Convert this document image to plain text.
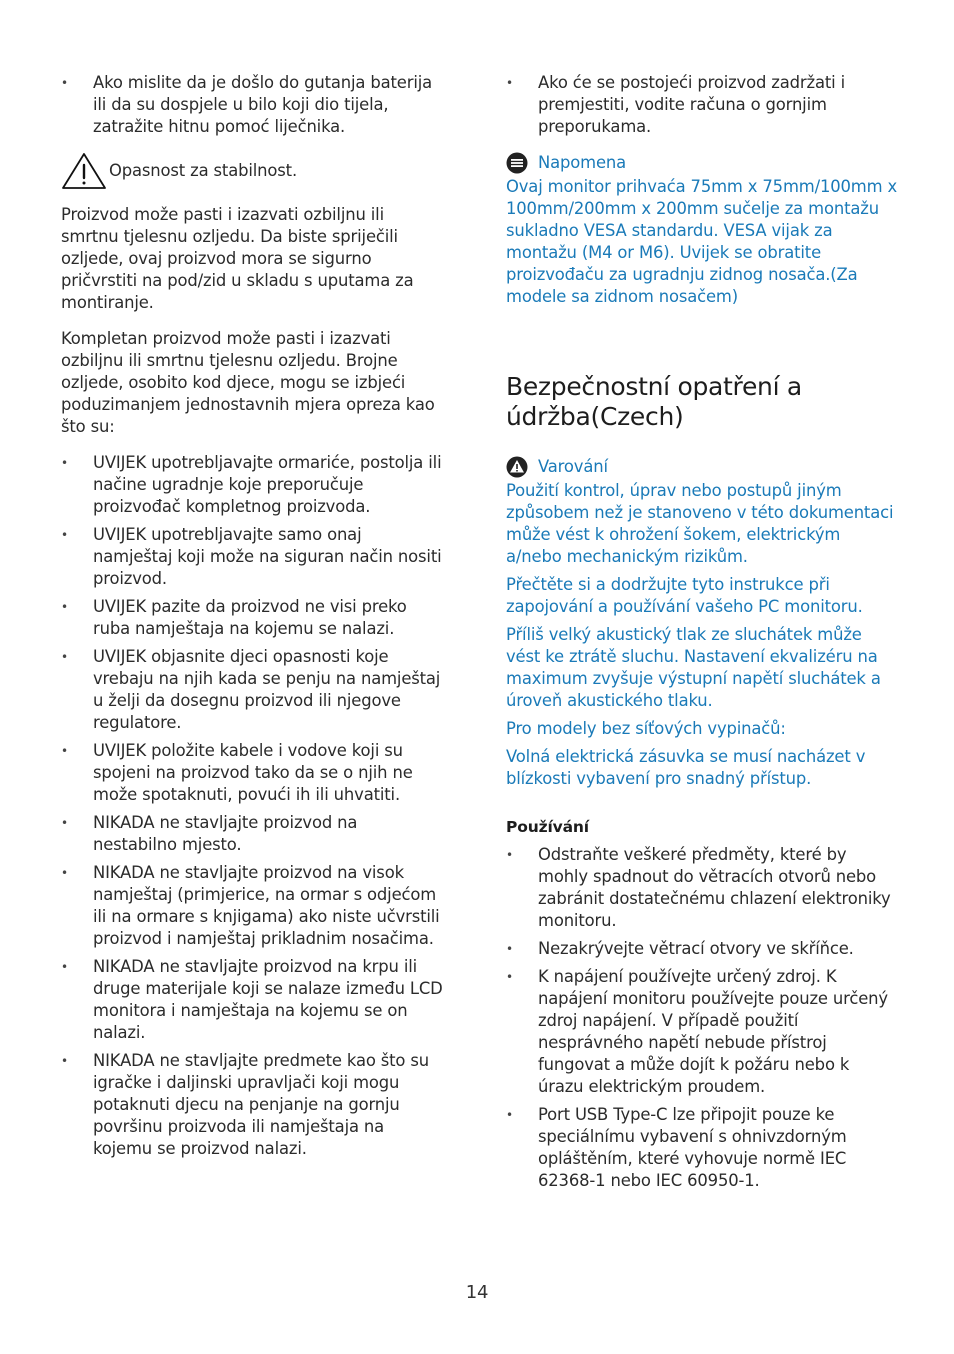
• Ako mislite da je došlo do gutanja baterija ili da su dospjele u bilo koji dio tijela, zatražite hitnu pomoć liječnika.
Opasnost za stabilnost.

Proizvod može pasti i izazvati ozbiljnu ili smrtnu tjelesnu ozljedu. Da biste spriječili ozljede, ovaj proizvod mora se sigurno pričvrstiti na pod/zid u skladu s uputama za montiranje.

Kompletan proizvod može pasti i izazvati ozbiljnu ili smrtnu tjelesnu ozljedu. Brojne ozljede, osobito kod djece, mogu se izbjeći poduzimanjem jednostavnih mjera opreza kao što su:

• UVIJEK upotrebljavajte ormariće, postolja ili načine ugradnje koje preporučuje proizvođač kompletnog proizvoda.
• UVIJEK upotrebljavajte samo onaj namještaj koji može na siguran način nositi proizvod.
• UVIJEK pazite da proizvod ne visi preko ruba namještaja na kojemu se nalazi.
• UVIJEK objasnite djeci opasnosti koje vrebaju na njih kada se penju na namještaj u želji da dosegnu proizvod ili njegove regulatore.
• UVIJEK položite kabele i vodove koji su spojeni na proizvod tako da se o njih ne može spotaknuti, povući ih ili uhvatiti.
• NIKADA ne stavljajte proizvod na nestabilno mjesto.
• NIKADA ne stavljajte proizvod na visok namještaj (primjerice, na ormar s odjećom ili na ormare s knjigama) ako niste učvrstili proizvod i namještaj prikladnim nosačima.
• NIKADA ne stavljajte proizvod na krpu ili druge materijale koji se nalaze između LCD monitora i namještaja na kojemu se on nalazi.
• NIKADA ne stavljajte predmete kao što su igračke i daljinski upravljači koji mogu potaknuti djecu na penjanje na gornju površinu proizvoda ili namještaja na kojemu se proizvod nalazi.
• Ako će se postojeći proizvod zadržati i premjestiti, vodite računa o gornjim preporukama.
Napomena

Ovaj monitor prihvaća 75mm x 75mm/100mm x 100mm/200mm x 200mm sučelje za montažu sukladno VESA standardu. VESA vijak za montažu (M4 or M6). Uvijek se obratite proizvođaču za ugradnju zidnog nosača.(Za modele sa zidnom nosačem)

Bezpečnostní opatření a údržba(Czech)
Varování

Použití kontrol, úprav nebo postupů jiným způsobem než je stanoveno v této dokumentaci může vést k ohrožení šokem, elektrickým a/nebo mechanickým rizikům.

Přečtěte si a dodržujte tyto instrukce při zapojování a používání vašeho PC monitoru.

Příliš velký akustický tlak ze sluchátek může vést ke ztrátě sluchu. Nastavení ekvalizéru na maximum zvyšuje výstupní napětí sluchátek a úroveň akustického tlaku.

Pro modely bez síťových vypinačů:

Volná elektrická zásuvka se musí nacházet v blízkosti vybavení pro snadný přístup.

Používání
• Odstraňte veškeré předměty, které by mohly spadnout do větracích otvorů nebo zabránit dostatečnému chlazení elektroniky monitoru.
• Nezakrývejte větrací otvory ve skříňce.
• K napájení používejte určený zdroj. K napájení monitoru používejte pouze určený zdroj napájení. V případě použití nesprávného napětí nebude přístroj fungovat a může dojít k požáru nebo k úrazu elektrickým proudem.
• Port USB Type-C lze připojit pouze ke speciálnímu vybavení s ohnivzdorným opláštěním, které vyhovuje normě IEC 62368-1 nebo IEC 60950-1.
14
